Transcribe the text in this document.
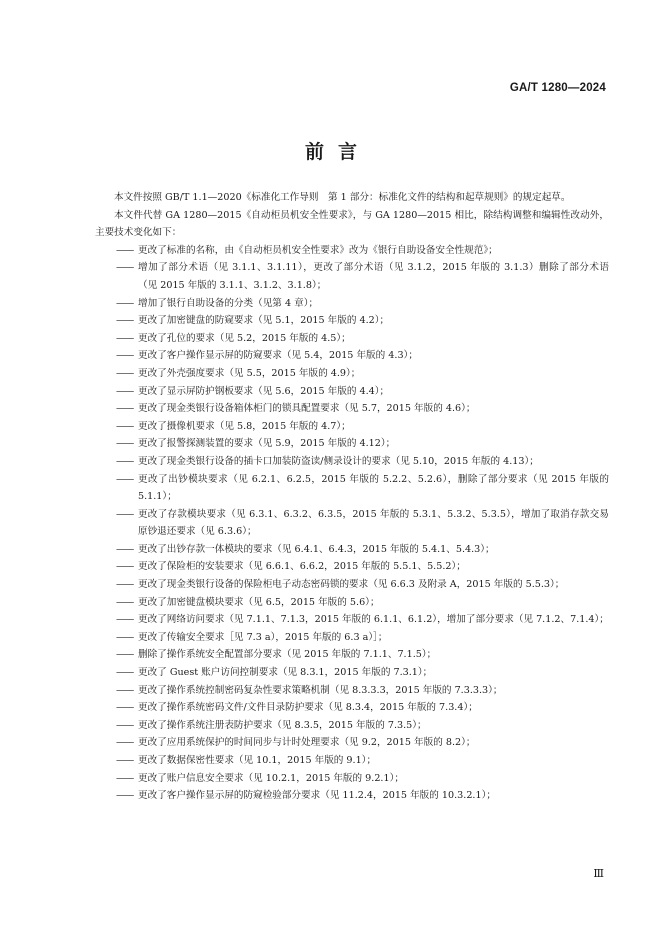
GA/T 1280—2024
前言

本文件按照 GB/T 1.1—2020《标准化工作导则　第 1 部分：标准化文件的结构和起草规则》的规定起草。

本文件代替 GA 1280—2015《自动柜员机安全性要求》，与 GA 1280—2015 相比，除结构调整和编辑性改动外，主要技术变化如下：

—— 更改了标准的名称，由《自动柜员机安全性要求》改为《银行自助设备安全性规范》；
—— 增加了部分术语（见 3.1.1、3.1.11），更改了部分术语（见 3.1.2，2015 年版的 3.1.3）删除了部分术语（见 2015 年版的 3.1.1、3.1.2、3.1.8）；
—— 增加了银行自助设备的分类（见第 4 章）；
—— 更改了加密键盘的防窥要求（见 5.1，2015 年版的 4.2）；
—— 更改了孔位的要求（见 5.2，2015 年版的 4.5）；
—— 更改了客户操作显示屏的防窥要求（见 5.4，2015 年版的 4.3）；
—— 更改了外壳强度要求（见 5.5，2015 年版的 4.9）；
—— 更改了显示屏防护钢板要求（见 5.6，2015 年版的 4.4）；
—— 更改了现金类银行设备箱体柜门的锁具配置要求（见 5.7，2015 年版的 4.6）；
—— 更改了摄像机要求（见 5.8，2015 年版的 4.7）；
—— 更改了报警探测装置的要求（见 5.9，2015 年版的 4.12）；
—— 更改了现金类银行设备的插卡口加装防盗读/侧录设计的要求（见 5.10，2015 年版的 4.13）；
—— 更改了出钞模块要求（见 6.2.1、6.2.5，2015 年版的 5.2.2、5.2.6），删除了部分要求（见 2015 年版的 5.1.1）；
—— 更改了存款模块要求（见 6.3.1、6.3.2、6.3.5，2015 年版的 5.3.1、5.3.2、5.3.5），增加了取消存款交易原钞退还要求（见 6.3.6）；
—— 更改了出钞存款一体模块的要求（见 6.4.1、6.4.3，2015 年版的 5.4.1、5.4.3）；
—— 更改了保险柜的安装要求（见 6.6.1、6.6.2，2015 年版的 5.5.1、5.5.2）；
—— 更改了现金类银行设备的保险柜电子动态密码锁的要求（见 6.6.3 及附录 A，2015 年版的 5.5.3）；
—— 更改了加密键盘模块要求（见 6.5，2015 年版的 5.6）；
—— 更改了网络访问要求（见 7.1.1、7.1.3，2015 年版的 6.1.1、6.1.2），增加了部分要求（见 7.1.2、7.1.4）；
—— 更改了传输安全要求［见 7.3 a），2015 年版的 6.3 a）］；
—— 删除了操作系统安全配置部分要求（见 2015 年版的 7.1.1、7.1.5）；
—— 更改了 Guest 账户访问控制要求（见 8.3.1，2015 年版的 7.3.1）；
—— 更改了操作系统控制密码复杂性要求策略机制（见 8.3.3.3，2015 年版的 7.3.3.3）；
—— 更改了操作系统密码文件/文件目录防护要求（见 8.3.4，2015 年版的 7.3.4）；
—— 更改了操作系统注册表防护要求（见 8.3.5，2015 年版的 7.3.5）；
—— 更改了应用系统保护的时间同步与计时处理要求（见 9.2，2015 年版的 8.2）；
—— 更改了数据保密性要求（见 10.1，2015 年版的 9.1）；
—— 更改了账户信息安全要求（见 10.2.1，2015 年版的 9.2.1）；
—— 更改了客户操作显示屏的防窥检验部分要求（见 11.2.4，2015 年版的 10.3.2.1）；
Ⅲ
